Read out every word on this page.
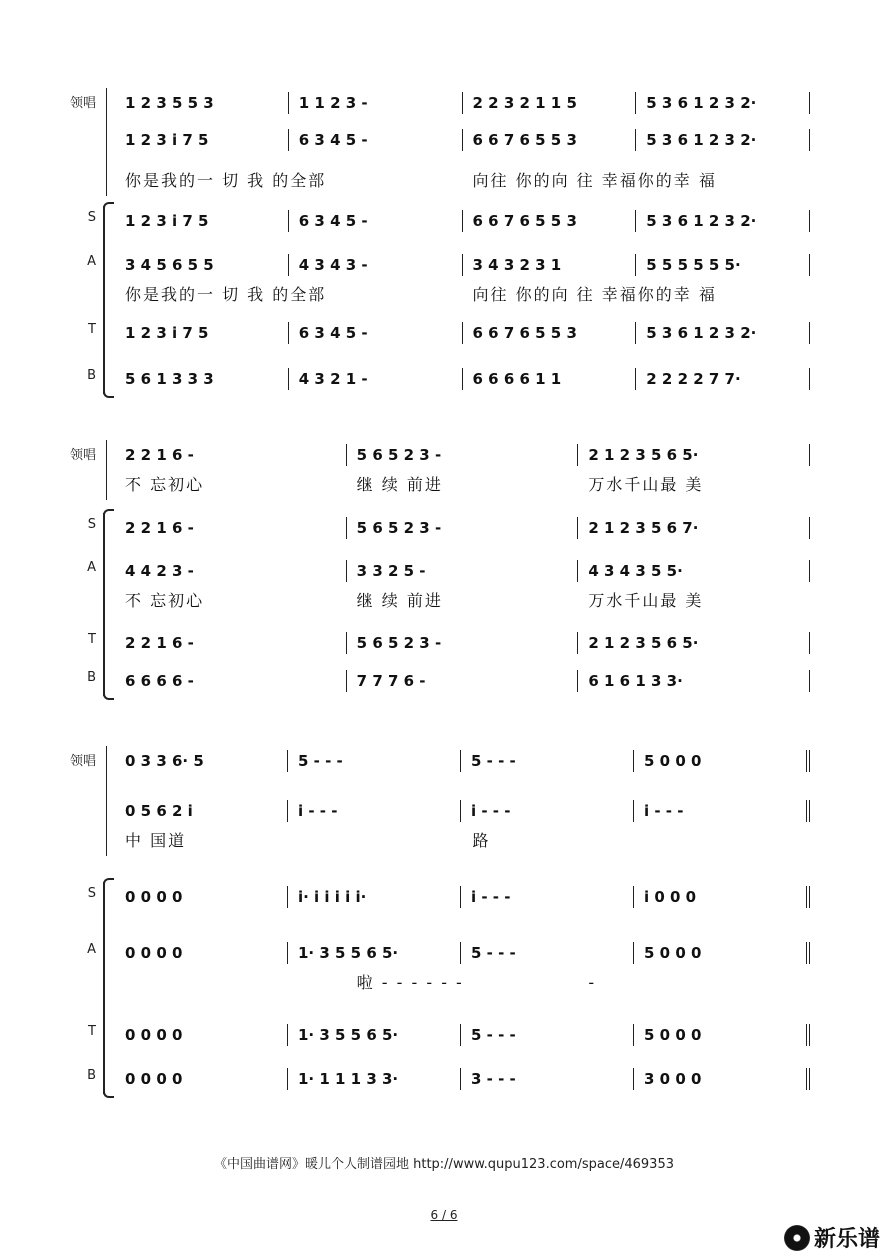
领唱 1 2 3 5 5 3	1 1 2 3 -	2 2 3 2 1 1 5	5 3 6 1 2 3 2·
1 2 3 i 7 5	6 3 4 5 -	6 6 7 6 5 5 3	5 3 6 1 2 3 2·
你是我的一 切 我 的全部	向往 你的向 往 幸福你的幸 福
S 1 2 3 i 7 5	6 3 4 5 -	6 6 7 6 5 5 3	5 3 6 1 2 3 2·
A 3 4 5 6 5 5	4 3 4 3 -	3 4 3 2 3 1	5 5 5 5 5 5·
你是我的一 切 我 的全部	向往 你的向 往 幸福你的幸 福
T 1 2 3 i 7 5	6 3 4 5 -	6 6 7 6 5 5 3	5 3 6 1 2 3 2·
B 5 6 1 3 3 3	4 3 2 1 -	6 6 6 6 1 1	2 2 2 2 7 7·
领唱 2 2 1 6 -	5 6 5 2 3 -	2 1 2 3 5 6 5·
不 忘初心	继 续 前进	万水千山最 美
S 2 2 1 6 -	5 6 5 2 3 -	2 1 2 3 5 6 7·
A 4 4 2 3 -	3 3 2 5 -	4 3 4 3 5 5·
不 忘初心	继 续 前进	万水千山最 美
T 2 2 1 6 -	5 6 5 2 3 -	2 1 2 3 5 6 5·
B 6 6 6 6 -	7 7 7 6 -	6 1 6 1 3 3·
领唱 0 3 3 6· 5	5 - - -	5 - - -	5 0 0 0
0 5 6 2 i	i - - -	i - - -	i - - -
中 国道	路
S 0 0 0 0	i· i i i i i·	i - - -	i 0 0 0
A 0 0 0 0	1· 3 5 5 6 5·	5 - - -	5 0 0 0
啦 - - - - - -	-
T 0 0 0 0	1· 3 5 5 6 5·	5 - - -	5 0 0 0
B 0 0 0 0	1· 1 1 1 3 3·	3 - - -	3 0 0 0
《中国曲谱网》暖儿个人制谱园地 http://www.qupu123.com/space/469353
6 / 6
新乐谱
